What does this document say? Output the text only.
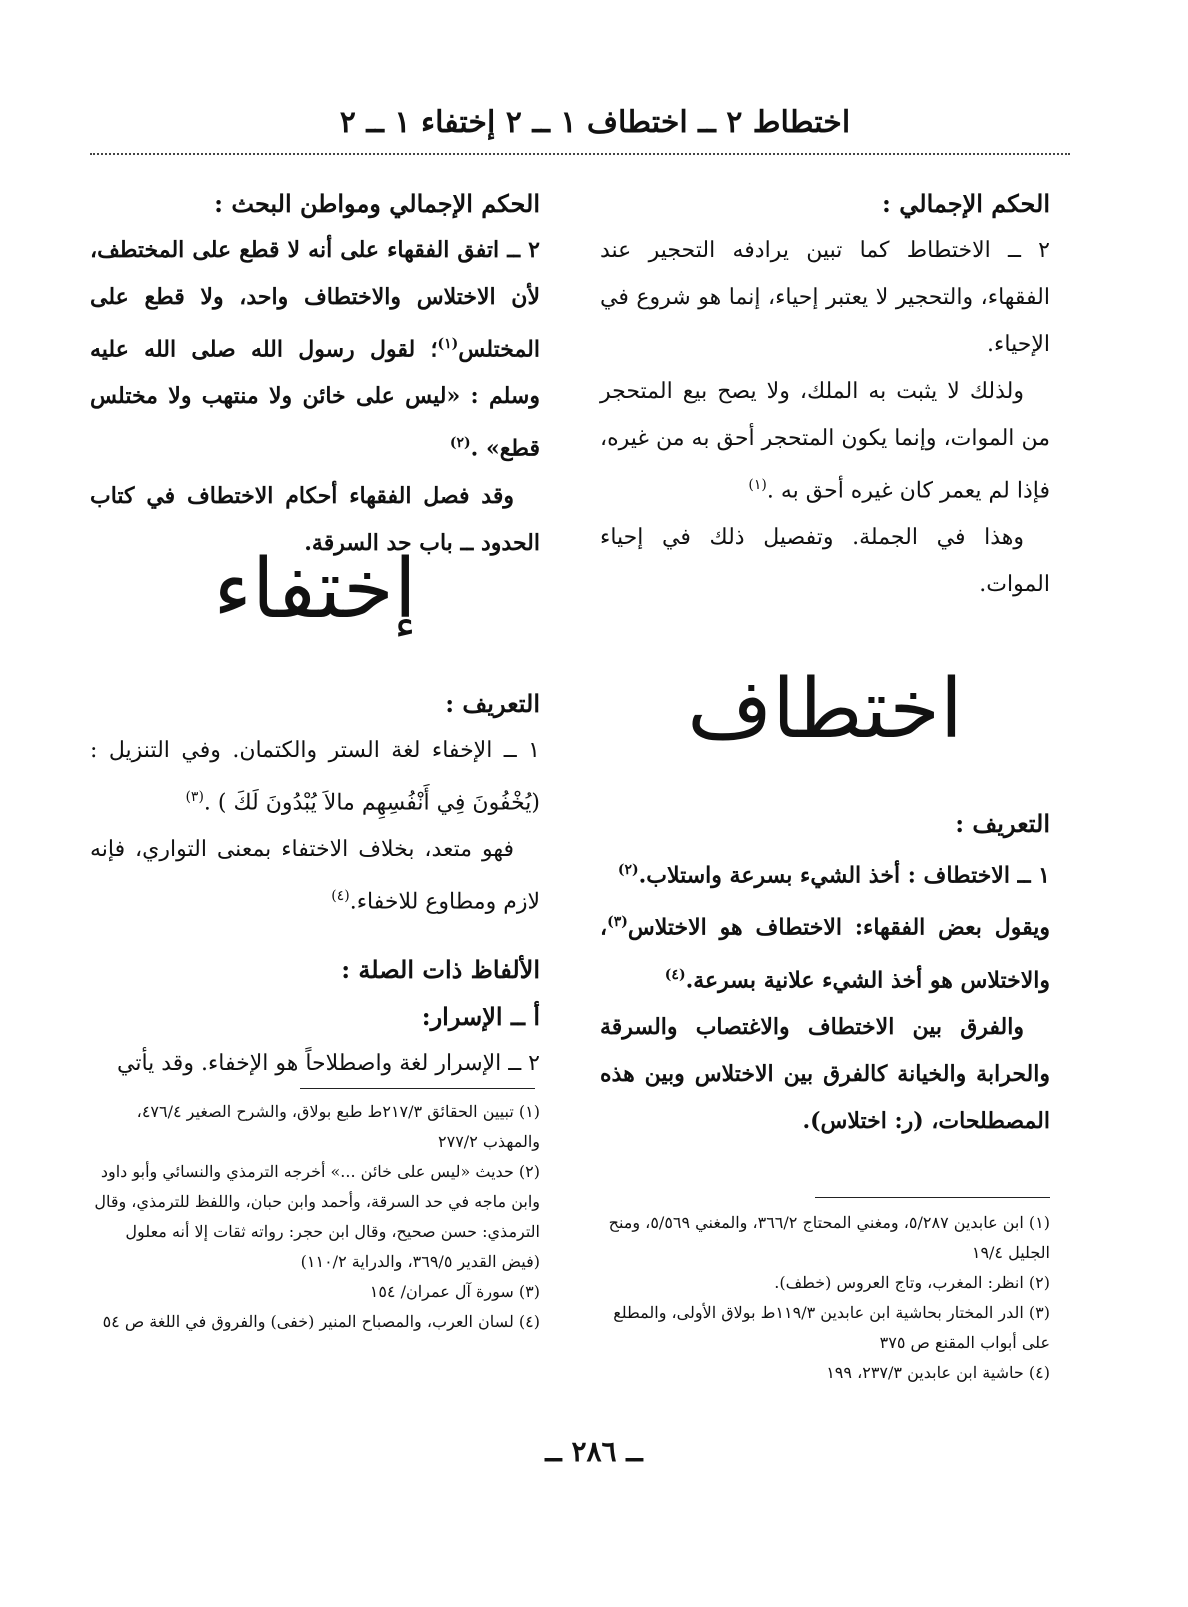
اختطاط ٢ ــ اختطاف ١ ــ ٢ إختفاء ١ ــ ٢

الحكم الإجمالي :

٢ ــ الاختطاط كما تبين يرادفه التحجير عند الفقهاء، والتحجير لا يعتبر إحياء، إنما هو شروع في الإحياء.

ولذلك لا يثبت به الملك، ولا يصح بيع المتحجر من الموات، وإنما يكون المتحجر أحق به من غيره، فإذا لم يعمر كان غيره أحق به .$^{(١)}$

وهذا في الجملة. وتفصيل ذلك في إحياء الموات.

اختطاف

التعريف :

١ ــ الاختطاف : أخذ الشيء بسرعة واستلاب.$^{(٢)}$

ويقول بعض الفقهاء: الاختطاف هو الاختلاس$^{(٣)}$، والاختلاس هو أخذ الشيء علانية بسرعة.$^{(٤)}$

والفرق بين الاختطاف والاغتصاب والسرقة والحرابة والخيانة كالفرق بين الاختلاس وبين هذه المصطلحات، (ر: اختلاس).

(١) ابن عابدين ٥/٢٨٧، ومغني المحتاج ٣٦٦/٢، والمغني ٥/٥٦٩، ومنح الجليل ١٩/٤

(٢) انظر: المغرب، وتاج العروس (خطف).

(٣) الدر المختار بحاشية ابن عابدين ١١٩/٣ط بولاق الأولى، والمطلع على أبواب المقنع ص ٣٧٥

(٤) حاشية ابن عابدين ٢٣٧/٣، ١٩٩

الحكم الإجمالي ومواطن البحث :

٢ ــ اتفق الفقهاء على أنه لا قطع على المختطف، لأن الاختلاس والاختطاف واحد، ولا قطع على المختلس$^{(١)}$؛ لقول رسول الله صلى الله عليه وسلم : «ليس على خائن ولا منتهب ولا مختلس قطع» .$^{(٢)}$

وقد فصل الفقهاء أحكام الاختطاف في كتاب الحدود ــ باب حد السرقة.

إختفاء

التعريف :

١ ــ الإخفاء لغة الستر والكتمان. وفي التنزيل : (يُخْفُونَ فِي أَنْفُسِهِم مالاَ يُبْدُونَ لَكَ ) .$^{(٣)}$

فهو متعد، بخلاف الاختفاء بمعنى التواري، فإنه لازم ومطاوع للاخفاء.$^{(٤)}$

الألفاظ ذات الصلة :

أ ــ الإسرار:

٢ ــ الإسرار لغة واصطلاحاً هو الإخفاء. وقد يأتي

(١) تبيين الحقائق ٢١٧/٣ط طبع بولاق، والشرح الصغير ٤٧٦/٤، والمهذب ٢٧٧/٢

(٢) حديث «ليس على خائن ...» أخرجه الترمذي والنسائي وأبو داود وابن ماجه في حد السرقة، وأحمد وابن حبان، واللفظ للترمذي، وقال الترمذي: حسن صحيح، وقال ابن حجر: رواته ثقات إلا أنه معلول (فيض القدير ٣٦٩/٥، والدراية ١١٠/٢)

(٣) سورة آل عمران/ ١٥٤

(٤) لسان العرب، والمصباح المنير (خفى) والفروق في اللغة ص ٥٤

ــ ٢٨٦ ــ
